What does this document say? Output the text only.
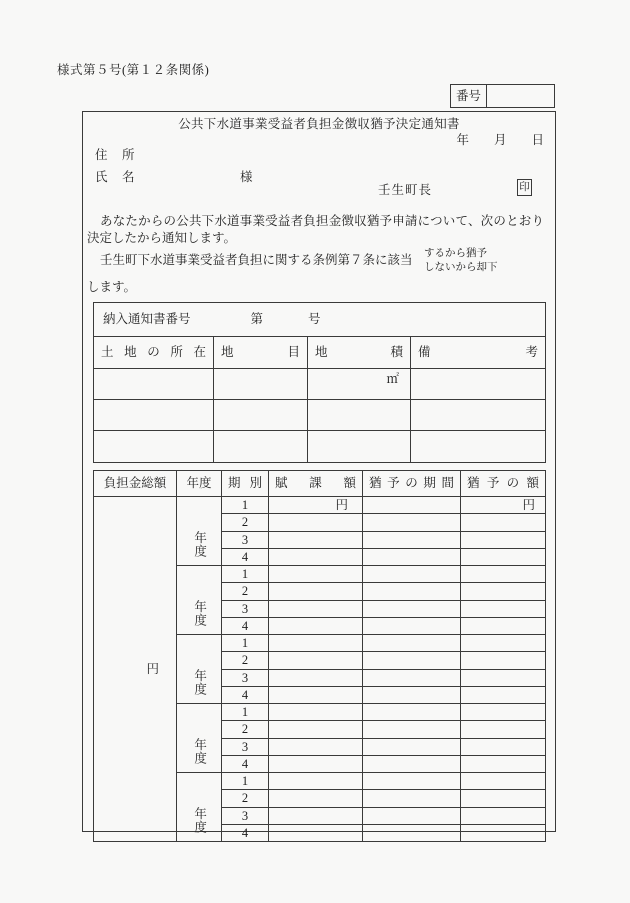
様式第５号(第１２条関係)
番号
公共下水道事業受益者負担金徴収猶予決定通知書
年　　月　　日
住　所
氏　名	様
壬生町長	印
あなたからの公共下水道事業受益者負担金徴収猶予申請について、次のとおり決定したから通知します。
壬生町下水道事業受益者負担に関する条例第７条に該当 するから猶予
しないから却下
します。
納入通知書番号 第 号			

土 地 の 所 在	地 目	地 積	備 考
		㎡	

負担金総額	年度	期 別	賦 課 額	猶 予 の 期 間	猶 予 の 額
円	年度	1	円		円
		2			
		3			
		4			
	年度	1			
		2			
		3			
		4			
	年度	1			
		2			
		3			
		4			
	年度	1			
		2			
		3			
		4			
	年度	1			
		2			
		3			
		4			
